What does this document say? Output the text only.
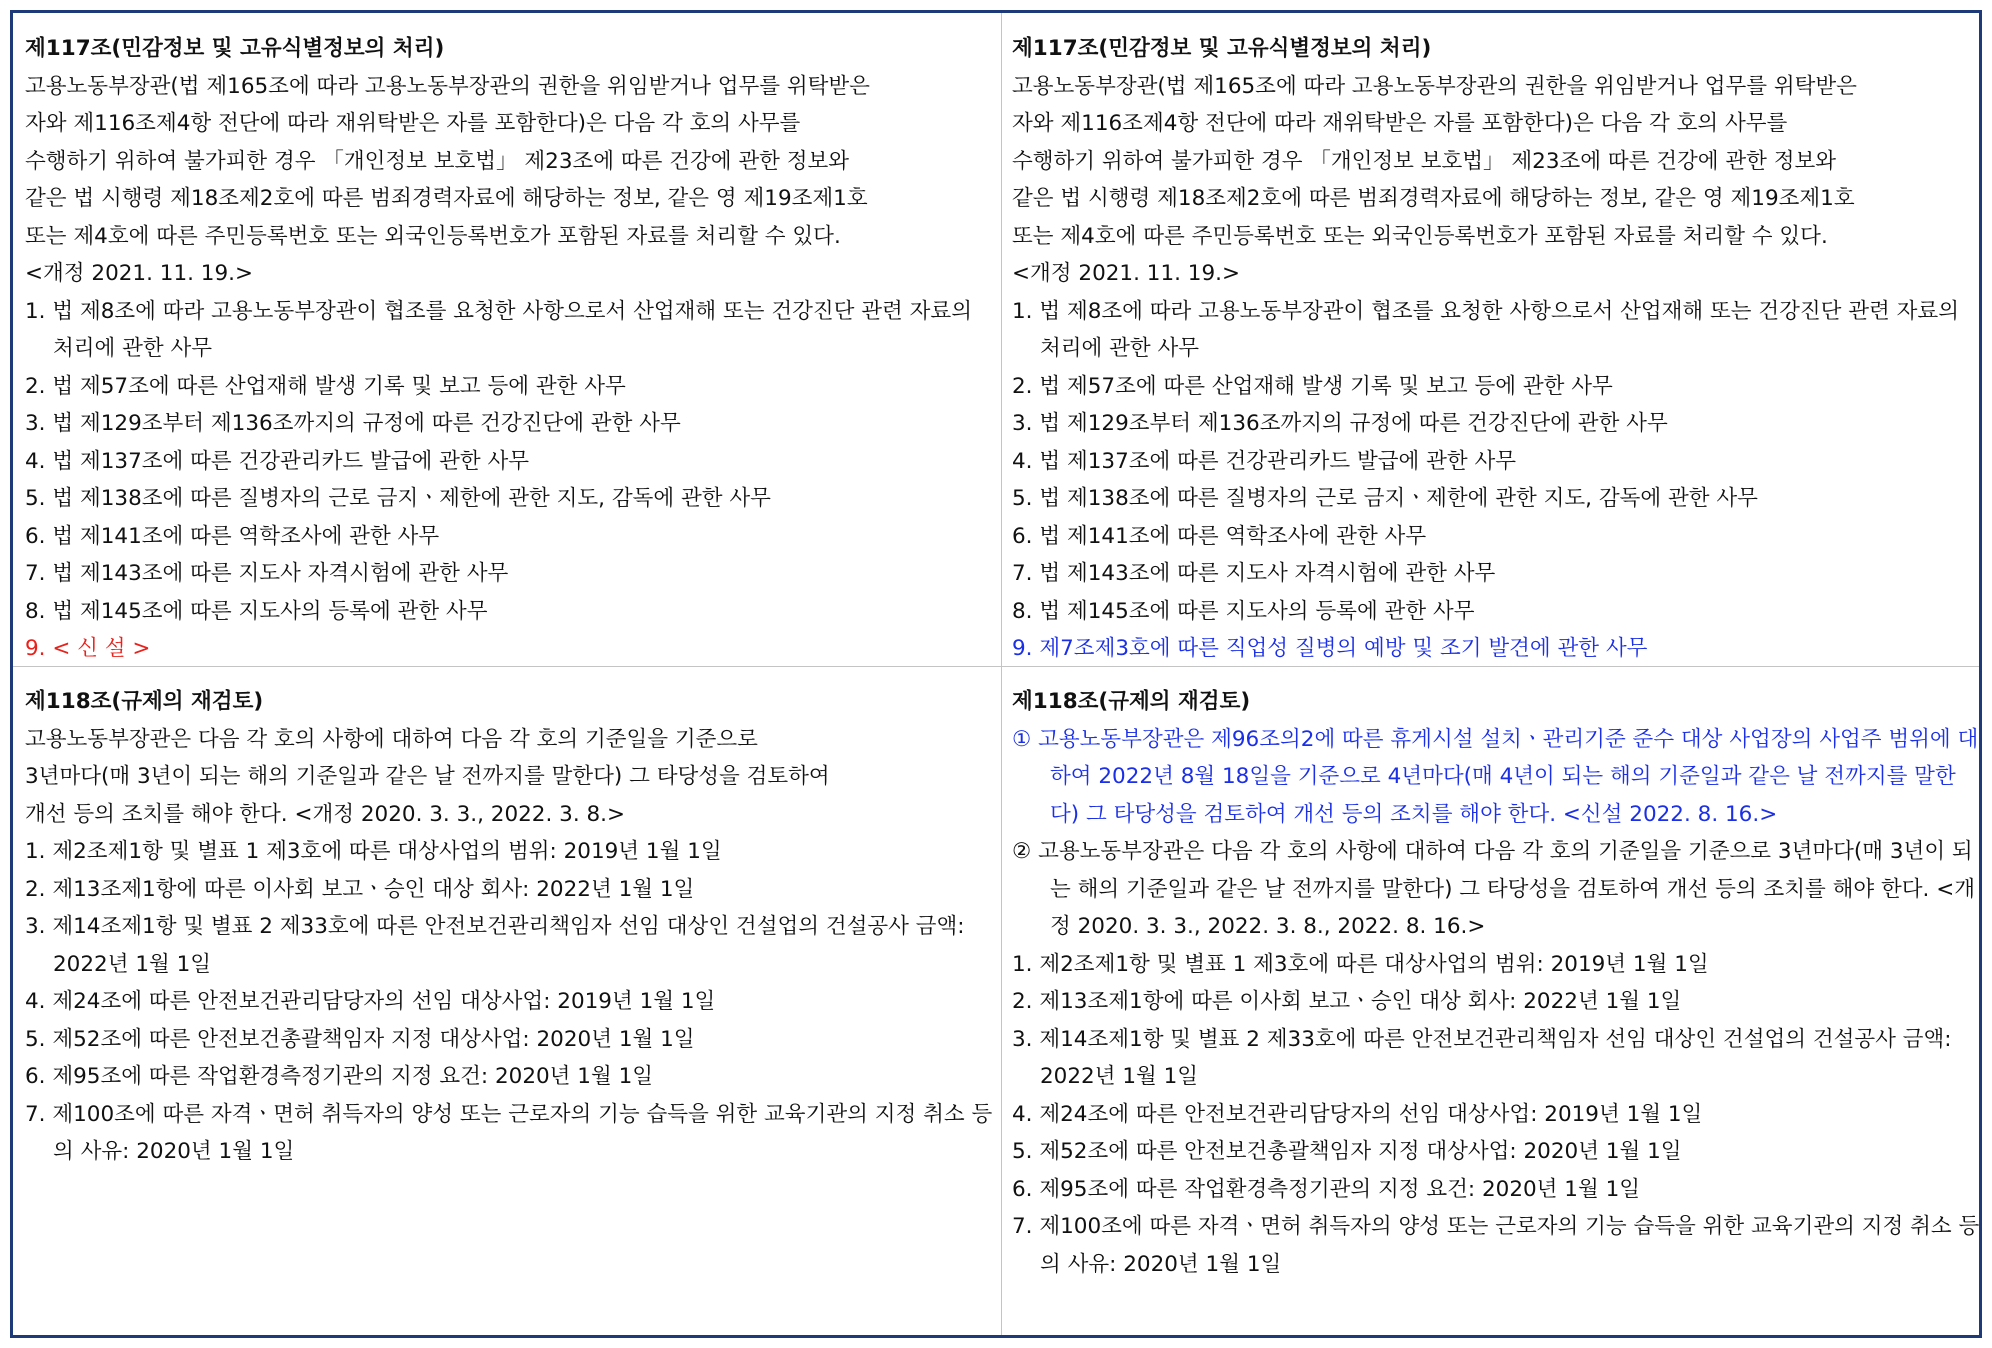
제117조(민감정보 및 고유식별정보의 처리)
고용노동부장관(법 제165조에 따라 고용노동부장관의 권한을 위임받거나 업무를 위탁받은
자와 제116조제4항 전단에 따라 재위탁받은 자를 포함한다)은 다음 각 호의 사무를
수행하기 위하여 불가피한 경우 「개인정보 보호법」 제23조에 따른 건강에 관한 정보와
같은 법 시행령 제18조제2호에 따른 범죄경력자료에 해당하는 정보, 같은 영 제19조제1호
또는 제4호에 따른 주민등록번호 또는 외국인등록번호가 포함된 자료를 처리할 수 있다.
<개정 2021. 11. 19.>
1. 법 제8조에 따라 고용노동부장관이 협조를 요청한 사항으로서 산업재해 또는 건강진단 관련 자료의 처리에 관한 사무
2. 법 제57조에 따른 산업재해 발생 기록 및 보고 등에 관한 사무
3. 법 제129조부터 제136조까지의 규정에 따른 건강진단에 관한 사무
4. 법 제137조에 따른 건강관리카드 발급에 관한 사무
5. 법 제138조에 따른 질병자의 근로 금지ㆍ제한에 관한 지도, 감독에 관한 사무
6. 법 제141조에 따른 역학조사에 관한 사무
7. 법 제143조에 따른 지도사 자격시험에 관한 사무
8. 법 제145조에 따른 지도사의 등록에 관한 사무
9. < 신 설 >
제117조(민감정보 및 고유식별정보의 처리)
고용노동부장관(법 제165조에 따라 고용노동부장관의 권한을 위임받거나 업무를 위탁받은
자와 제116조제4항 전단에 따라 재위탁받은 자를 포함한다)은 다음 각 호의 사무를
수행하기 위하여 불가피한 경우 「개인정보 보호법」 제23조에 따른 건강에 관한 정보와
같은 법 시행령 제18조제2호에 따른 범죄경력자료에 해당하는 정보, 같은 영 제19조제1호
또는 제4호에 따른 주민등록번호 또는 외국인등록번호가 포함된 자료를 처리할 수 있다.
<개정 2021. 11. 19.>
1. 법 제8조에 따라 고용노동부장관이 협조를 요청한 사항으로서 산업재해 또는 건강진단 관련 자료의 처리에 관한 사무
2. 법 제57조에 따른 산업재해 발생 기록 및 보고 등에 관한 사무
3. 법 제129조부터 제136조까지의 규정에 따른 건강진단에 관한 사무
4. 법 제137조에 따른 건강관리카드 발급에 관한 사무
5. 법 제138조에 따른 질병자의 근로 금지ㆍ제한에 관한 지도, 감독에 관한 사무
6. 법 제141조에 따른 역학조사에 관한 사무
7. 법 제143조에 따른 지도사 자격시험에 관한 사무
8. 법 제145조에 따른 지도사의 등록에 관한 사무
9. 제7조제3호에 따른 직업성 질병의 예방 및 조기 발견에 관한 사무
제118조(규제의 재검토)
고용노동부장관은 다음 각 호의 사항에 대하여 다음 각 호의 기준일을 기준으로
3년마다(매 3년이 되는 해의 기준일과 같은 날 전까지를 말한다) 그 타당성을 검토하여
개선 등의 조치를 해야 한다. <개정 2020. 3. 3., 2022. 3. 8.>
1. 제2조제1항 및 별표 1 제3호에 따른 대상사업의 범위: 2019년 1월 1일
2. 제13조제1항에 따른 이사회 보고ㆍ승인 대상 회사: 2022년 1월 1일
3. 제14조제1항 및 별표 2 제33호에 따른 안전보건관리책임자 선임 대상인 건설업의 건설공사 금액: 2022년 1월 1일
4. 제24조에 따른 안전보건관리담당자의 선임 대상사업: 2019년 1월 1일
5. 제52조에 따른 안전보건총괄책임자 지정 대상사업: 2020년 1월 1일
6. 제95조에 따른 작업환경측정기관의 지정 요건: 2020년 1월 1일
7. 제100조에 따른 자격ㆍ면허 취득자의 양성 또는 근로자의 기능 습득을 위한 교육기관의 지정 취소 등의 사유: 2020년 1월 1일
제118조(규제의 재검토)
① 고용노동부장관은 제96조의2에 따른 휴게시설 설치ㆍ관리기준 준수 대상 사업장의 사업주 범위에 대하여 2022년 8월 18일을 기준으로 4년마다(매 4년이 되는 해의 기준일과 같은 날 전까지를 말한다) 그 타당성을 검토하여 개선 등의 조치를 해야 한다. <신설 2022. 8. 16.>
② 고용노동부장관은 다음 각 호의 사항에 대하여 다음 각 호의 기준일을 기준으로 3년마다(매 3년이 되는 해의 기준일과 같은 날 전까지를 말한다) 그 타당성을 검토하여 개선 등의 조치를 해야 한다. <개정 2020. 3. 3., 2022. 3. 8., 2022. 8. 16.>
1. 제2조제1항 및 별표 1 제3호에 따른 대상사업의 범위: 2019년 1월 1일
2. 제13조제1항에 따른 이사회 보고ㆍ승인 대상 회사: 2022년 1월 1일
3. 제14조제1항 및 별표 2 제33호에 따른 안전보건관리책임자 선임 대상인 건설업의 건설공사 금액: 2022년 1월 1일
4. 제24조에 따른 안전보건관리담당자의 선임 대상사업: 2019년 1월 1일
5. 제52조에 따른 안전보건총괄책임자 지정 대상사업: 2020년 1월 1일
6. 제95조에 따른 작업환경측정기관의 지정 요건: 2020년 1월 1일
7. 제100조에 따른 자격ㆍ면허 취득자의 양성 또는 근로자의 기능 습득을 위한 교육기관의 지정 취소 등의 사유: 2020년 1월 1일
